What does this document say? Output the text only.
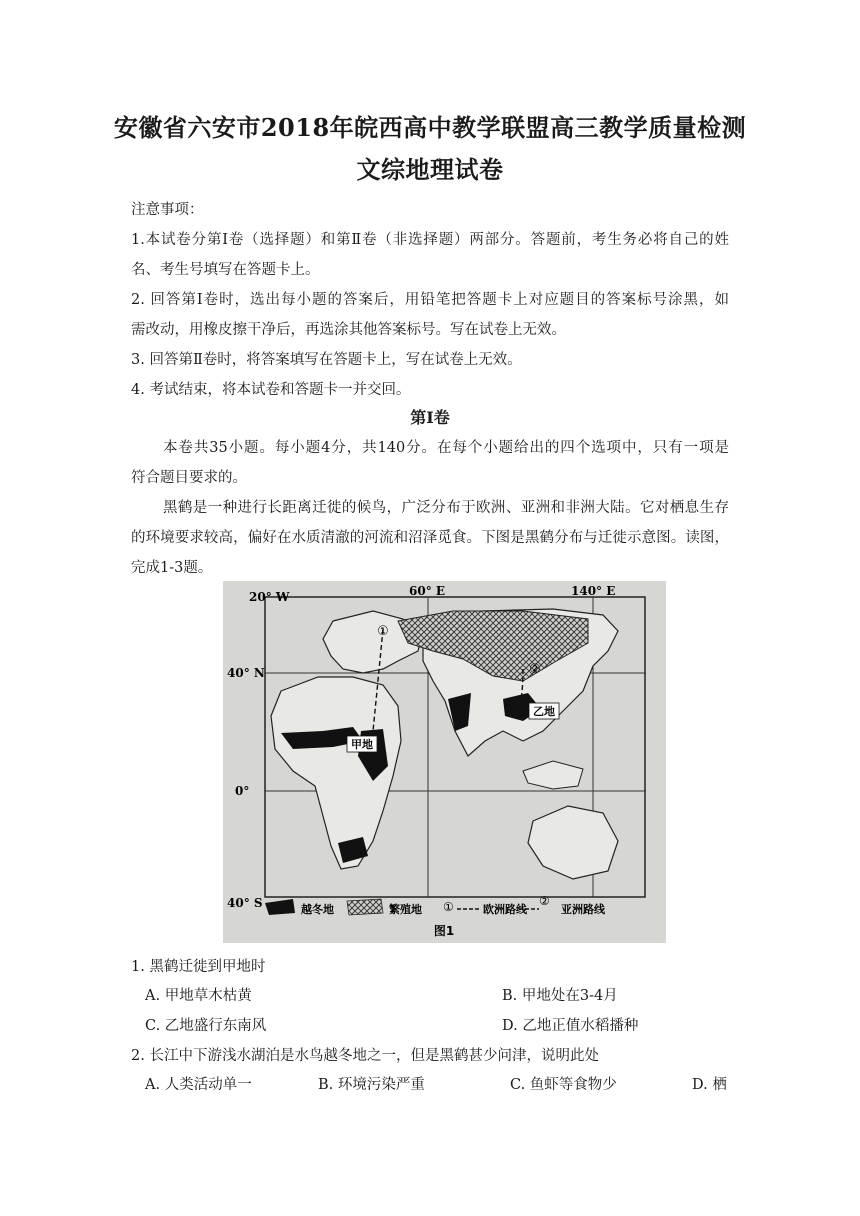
安徽省六安市2018年皖西高中教学联盟高三教学质量检测
文综地理试卷
注意事项：
1.本试卷分第Ⅰ卷（选择题）和第Ⅱ卷（非选择题）两部分。答题前，考生务必将自己的姓
名、考生号填写在答题卡上。
2. 回答第Ⅰ卷时，选出每小题的答案后，用铅笔把答题卡上对应题目的答案标号涂黑，如
需改动，用橡皮擦干净后，再选涂其他答案标号。写在试卷上无效。
3. 回答第Ⅱ卷时，将答案填写在答题卡上，写在试卷上无效。
4. 考试结束，将本试卷和答题卡一并交回。
第Ⅰ卷
本卷共35小题。每小题4分，共140分。在每个小题给出的四个选项中，只有一项是
符合题目要求的。
黑鹤是一种进行长距离迁徙的候鸟，广泛分布于欧洲、亚洲和非洲大陆。它对栖息生存
的环境要求较高，偏好在水质清澈的河流和沼泽觅食。下图是黑鹤分布与迁徙示意图。读图，
完成1-3题。
甲地
乙地
①
②
20° W	60° E	140° E
40° N
0°
40° S	越冬地	繁殖地 ①	欧洲路线
②
亚洲路线
图1
1. 黑鹤迁徙到甲地时
A. 甲地草木枯黄	B. 甲地处在3-4月
C. 乙地盛行东南风	D. 乙地正值水稻播种
2. 长江中下游浅水湖泊是水鸟越冬地之一，但是黑鹤甚少问津，说明此处
A. 人类活动单一	B. 环境污染严重	C. 鱼虾等食物少	D. 栖
